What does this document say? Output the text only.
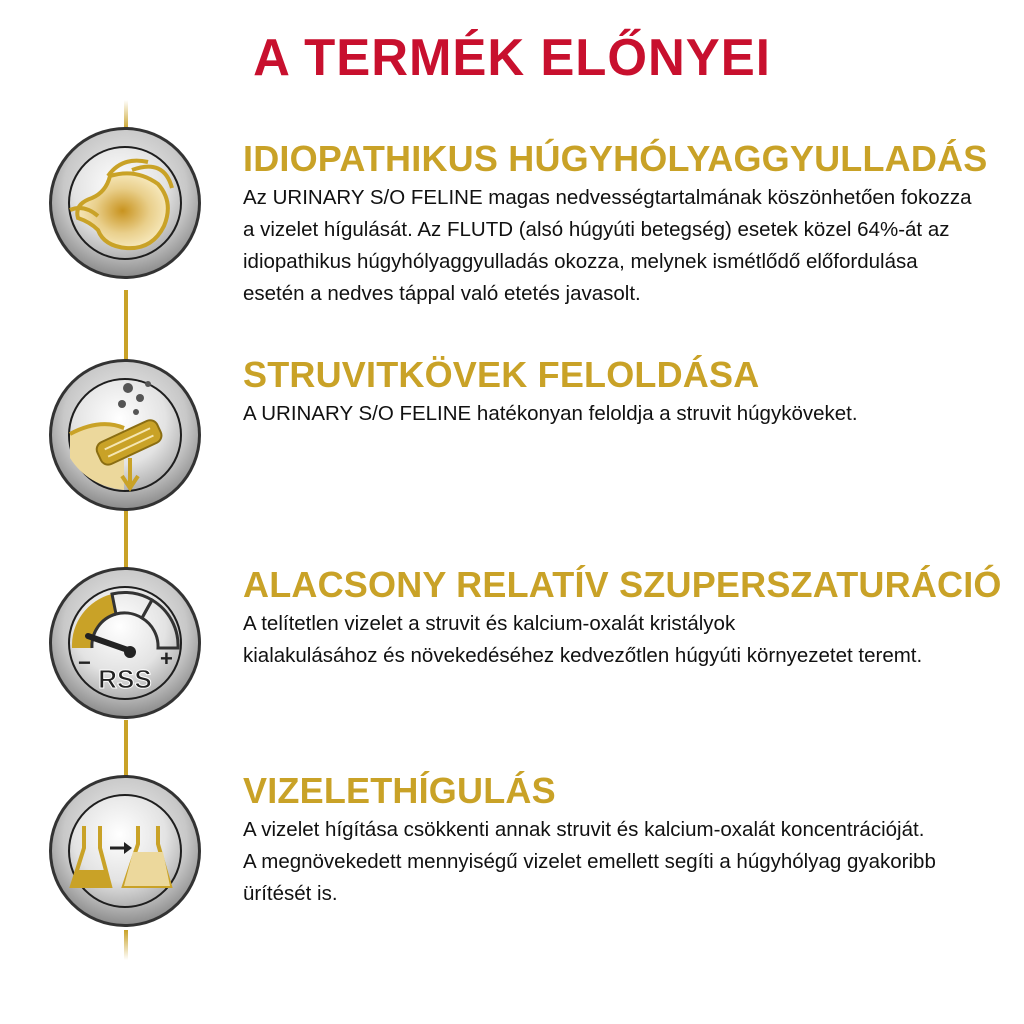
A TERMÉK ELŐNYEI
IDIOPATHIKUS HÚGYHÓLYAGGYULLADÁS
Az URINARY S/O FELINE magas nedvességtartalmának köszönhetően fokozza
a vizelet hígulását. Az FLUTD (alsó húgyúti betegség) esetek közel 64%-át az
idiopathikus húgyhólyaggyulladás okozza, melynek ismétlődő előfordulása
esetén a nedves táppal való etetés javasolt.
STRUVITKÖVEK FELOLDÁSA
A URINARY S/O FELINE hatékonyan feloldja a struvit húgyköveket.
−	+
RSS
ALACSONY RELATÍV SZUPERSZATURÁCIÓ
A telítetlen vizelet a struvit és kalcium-oxalát kristályok
kialakulásához és növekedéséhez kedvezőtlen húgyúti környezetet teremt.
VIZELETHÍGULÁS
A vizelet hígítása csökkenti annak struvit és kalcium-oxalát koncentrációját.
A megnövekedett mennyiségű vizelet emellett segíti a húgyhólyag gyakoribb
ürítését is.
